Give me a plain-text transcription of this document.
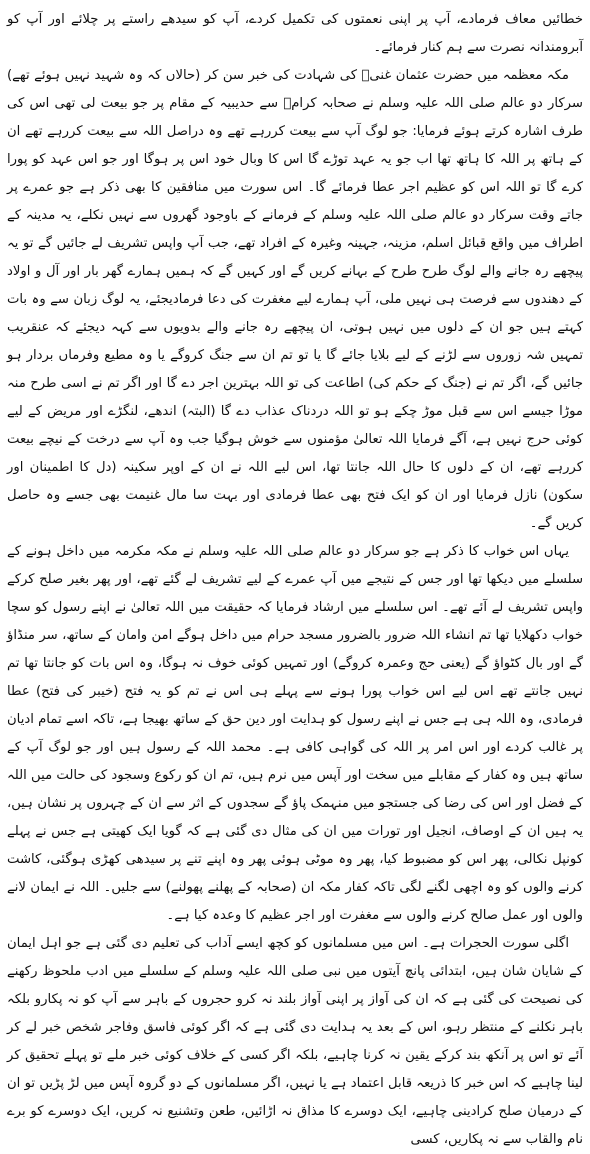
خطائیں معاف فرمادے، آپ پر اپنی نعمتوں کی تکمیل کردے، آپ کو سیدھے راستے پر چلائے اور آپ کو آبرومندانہ نصرت سے ہم کنار فرمائے۔

مکہ معظمہ میں حضرت عثمان غنیؓ کی شہادت کی خبر سن کر (حالاں کہ وہ شہید نہیں ہوئے تھے) سرکار دو عالم صلی اللہ علیہ وسلم نے صحابہ کرامؓ سے حدیبیہ کے مقام پر جو بیعت لی تھی اس کی طرف اشارہ کرتے ہوئے فرمایا: جو لوگ آپ سے بیعت کررہے تھے وہ دراصل اللہ سے بیعت کررہے تھے ان کے ہاتھ پر اللہ کا ہاتھ تھا اب جو یہ عہد توڑے گا اس کا وبال خود اس پر ہوگا اور جو اس عہد کو پورا کرے گا تو اللہ اس کو عظیم اجر عطا فرمائے گا۔ اس سورت میں منافقین کا بھی ذکر ہے جو عمرے پر جاتے وقت سرکار دو عالم صلی اللہ علیہ وسلم کے فرمانے کے باوجود گھروں سے نہیں نکلے، یہ مدینہ کے اطراف میں واقع قبائل اسلم، مزینہ، جہینہ وغیرہ کے افراد تھے، جب آپ واپس تشریف لے جائیں گے تو یہ پیچھے رہ جانے والے لوگ طرح طرح کے بہانے کریں گے اور کہیں گے کہ ہمیں ہمارے گھر بار اور آل و اولاد کے دھندوں سے فرصت ہی نہیں ملی، آپ ہمارے لیے مغفرت کی دعا فرمادیجئے، یہ لوگ زبان سے وہ بات کہتے ہیں جو ان کے دلوں میں نہیں ہوتی، ان پیچھے رہ جانے والے بدویوں سے کہہ دیجئے کہ عنقریب تمہیں شہ زوروں سے لڑنے کے لیے بلایا جائے گا یا تو تم ان سے جنگ کروگے یا وہ مطیع وفرماں بردار ہو جائیں گے، اگر تم نے (جنگ کے حکم کی) اطاعت کی تو اللہ بہترین اجر دے گا اور اگر تم نے اسی طرح منہ موڑا جیسے اس سے قبل موڑ چکے ہو تو اللہ دردناک عذاب دے گا (البتہ) اندھے، لنگڑے اور مریض کے لیے کوئی حرج نہیں ہے، آگے فرمایا اللہ تعالیٰ مؤمنوں سے خوش ہوگیا جب وہ آپ سے درخت کے نیچے بیعت کررہے تھے، ان کے دلوں کا حال اللہ جانتا تھا، اس لیے اللہ نے ان کے اوپر سکینہ (دل کا اطمینان اور سکون) نازل فرمایا اور ان کو ایک فتح بھی عطا فرمادی اور بہت سا مال غنیمت بھی جسے وہ حاصل کریں گے۔

یہاں اس خواب کا ذکر ہے جو سرکار دو عالم صلی اللہ علیہ وسلم نے مکہ مکرمہ میں داخل ہونے کے سلسلے میں دیکھا تھا اور جس کے نتیجے میں آپ عمرے کے لیے تشریف لے گئے تھے، اور پھر بغیر صلح کرکے واپس تشریف لے آئے تھے۔ اس سلسلے میں ارشاد فرمایا کہ حقیقت میں اللہ تعالیٰ نے اپنے رسول کو سچا خواب دکھلایا تھا تم انشاء اللہ ضرور بالضرور مسجد حرام میں داخل ہوگے امن وامان کے ساتھ، سر منڈاؤ گے اور بال کٹواؤ گے (یعنی حج وعمرہ کروگے) اور تمہیں کوئی خوف نہ ہوگا، وہ اس بات کو جانتا تھا تم نہیں جانتے تھے اس لیے اس خواب پورا ہونے سے پہلے ہی اس نے تم کو یہ فتح (خیبر کی فتح) عطا فرمادی، وہ اللہ ہی ہے جس نے اپنے رسول کو ہدایت اور دین حق کے ساتھ بھیجا ہے، تاکہ اسے تمام ادیان پر غالب کردے اور اس امر پر اللہ کی گواہی کافی ہے۔ محمد اللہ کے رسول ہیں اور جو لوگ آپ کے ساتھ ہیں وہ کفار کے مقابلے میں سخت اور آپس میں نرم ہیں، تم ان کو رکوع وسجود کی حالت میں اللہ کے فضل اور اس کی رضا کی جستجو میں منہمک پاؤ گے سجدوں کے اثر سے ان کے چہروں پر نشان ہیں، یہ ہیں ان کے اوصاف، انجیل اور تورات میں ان کی مثال دی گئی ہے کہ گویا ایک کھیتی ہے جس نے پہلے کونپل نکالی، پھر اس کو مضبوط کیا، پھر وہ موٹی ہوئی پھر وہ اپنے تنے پر سیدھی کھڑی ہوگئی، کاشت کرنے والوں کو وہ اچھی لگنے لگی تاکہ کفار مکہ ان (صحابہ کے پھلنے پھولنے) سے جلیں۔ اللہ نے ایمان لانے والوں اور عمل صالح کرنے والوں سے مغفرت اور اجر عظیم کا وعدہ کیا ہے۔

اگلی سورت الحجرات ہے۔ اس میں مسلمانوں کو کچھ ایسے آداب کی تعلیم دی گئی ہے جو اہل ایمان کے شایان شان ہیں، ابتدائی پانچ آیتوں میں نبی صلی اللہ علیہ وسلم کے سلسلے میں ادب ملحوظ رکھنے کی نصیحت کی گئی ہے کہ ان کی آواز پر اپنی آواز بلند نہ کرو حجروں کے باہر سے آپ کو نہ پکارو بلکہ باہر نکلنے کے منتظر رہو، اس کے بعد یہ ہدایت دی گئی ہے کہ اگر کوئی فاسق وفاجر شخص خبر لے کر آئے تو اس پر آنکھ بند کرکے یقین نہ کرنا چاہیے، بلکہ اگر کسی کے خلاف کوئی خبر ملے تو پہلے تحقیق کر لینا چاہیے کہ اس خبر کا ذریعہ قابل اعتماد ہے یا نہیں، اگر مسلمانوں کے دو گروہ آپس میں لڑ پڑیں تو ان کے درمیان صلح کرادینی چاہیے، ایک دوسرے کا مذاق نہ اڑائیں، طعن وتشنیع نہ کریں، ایک دوسرے کو برے نام والقاب سے نہ پکاریں، کسی
